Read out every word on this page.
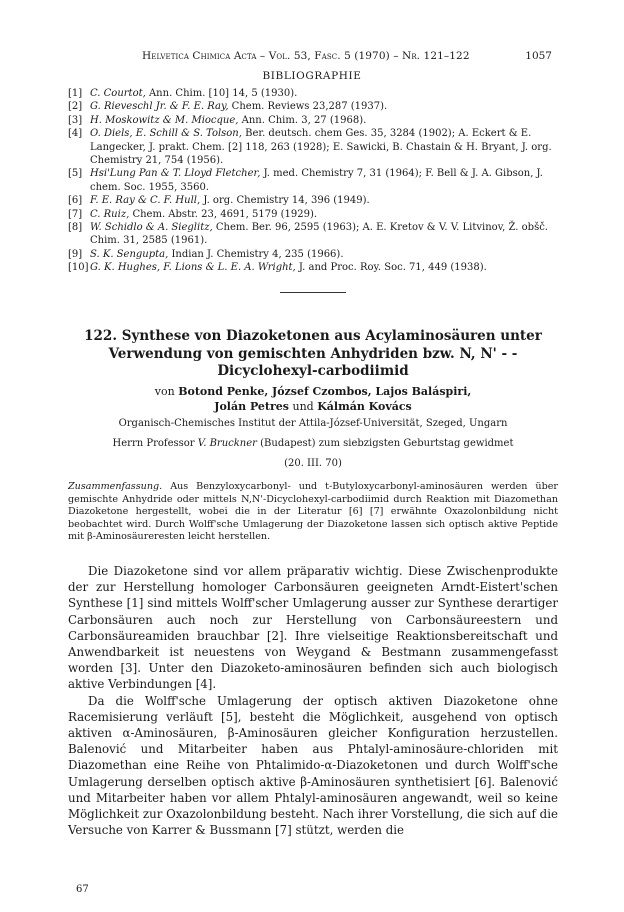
Helvetica Chimica Acta – Vol. 53, Fasc. 5 (1970) – Nr. 121–122	1057
BIBLIOGRAPHIE
[1] C. Courtot, Ann. Chim. [10] 14, 5 (1930).
[2] G. Rieveschl Jr. & F. E. Ray, Chem. Reviews 23,287 (1937).
[3] H. Moskowitz & M. Miocque, Ann. Chim. 3, 27 (1968).
[4] O. Diels, E. Schill & S. Tolson, Ber. deutsch. chem Ges. 35, 3284 (1902); A. Eckert & E. Langecker, J. prakt. Chem. [2] 118, 263 (1928); E. Sawicki, B. Chastain & H. Bryant, J. org. Chemistry 21, 754 (1956).
[5] Hsi'Lung Pan & T. Lloyd Fletcher, J. med. Chemistry 7, 31 (1964); F. Bell & J. A. Gibson, J. chem. Soc. 1955, 3560.
[6] F. E. Ray & C. F. Hull, J. org. Chemistry 14, 396 (1949).
[7] C. Ruiz, Chem. Abstr. 23, 4691, 5179 (1929).
[8] W. Schidlo & A. Sieglitz, Chem. Ber. 96, 2595 (1963); A. E. Kretov & V. V. Litvinov, Ž. obšč. Chim. 31, 2585 (1961).
[9] S. K. Sengupta, Indian J. Chemistry 4, 235 (1966).
[10] G. K. Hughes, F. Lions & L. E. A. Wright, J. and Proc. Roy. Soc. 71, 449 (1938).
122. Synthese von Diazoketonen aus Acylaminosäuren unter Verwendung von gemischten Anhydriden bzw. N, N' - -Dicyclohexyl-carbodiimid
von Botond Penke, József Czombos, Lajos Baláspiri,
Jolán Petres und Kálmán Kovács
Organisch-Chemisches Institut der Attila-József-Universität, Szeged, Ungarn
Herrn Professor V. Bruckner (Budapest) zum siebzigsten Geburtstag gewidmet
(20. III. 70)
Zusammenfassung. Aus Benzyloxycarbonyl- und t-Butyloxycarbonyl-aminosäuren werden über gemischte Anhydride oder mittels N,N'-Dicyclohexyl-carbodiimid durch Reaktion mit Diazomethan Diazoketone hergestellt, wobei die in der Literatur [6] [7] erwähnte Oxazolonbildung nicht beobachtet wird. Durch Wolff'sche Umlagerung der Diazoketone lassen sich optisch aktive Peptide mit β-Aminosäureresten leicht herstellen.

Die Diazoketone sind vor allem präparativ wichtig. Diese Zwischenprodukte der zur Herstellung homologer Carbonsäuren geeigneten Arndt-Eistert'schen Synthese [1] sind mittels Wolff'scher Umlagerung ausser zur Synthese derartiger Carbonsäuren auch noch zur Herstellung von Carbonsäureestern und Carbonsäureamiden brauchbar [2]. Ihre vielseitige Reaktionsbereitschaft und Anwendbarkeit ist neuestens von Weygand & Bestmann zusammengefasst worden [3]. Unter den Diazoketo-aminosäuren befinden sich auch biologisch aktive Verbindungen [4].

Da die Wolff'sche Umlagerung der optisch aktiven Diazoketone ohne Racemisierung verläuft [5], besteht die Möglichkeit, ausgehend von optisch aktiven α-Aminosäuren, β-Aminosäuren gleicher Konfiguration herzustellen. Balenović und Mitarbeiter haben aus Phtalyl-aminosäure-chloriden mit Diazomethan eine Reihe von Phtalimido-α-Diazoketonen und durch Wolff'sche Umlagerung derselben optisch aktive β-Aminosäuren synthetisiert [6]. Balenović und Mitarbeiter haben vor allem Phtalyl-aminosäuren angewandt, weil so keine Möglichkeit zur Oxazolonbildung besteht. Nach ihrer Vorstellung, die sich auf die Versuche von Karrer & Bussmann [7] stützt, werden die

67
